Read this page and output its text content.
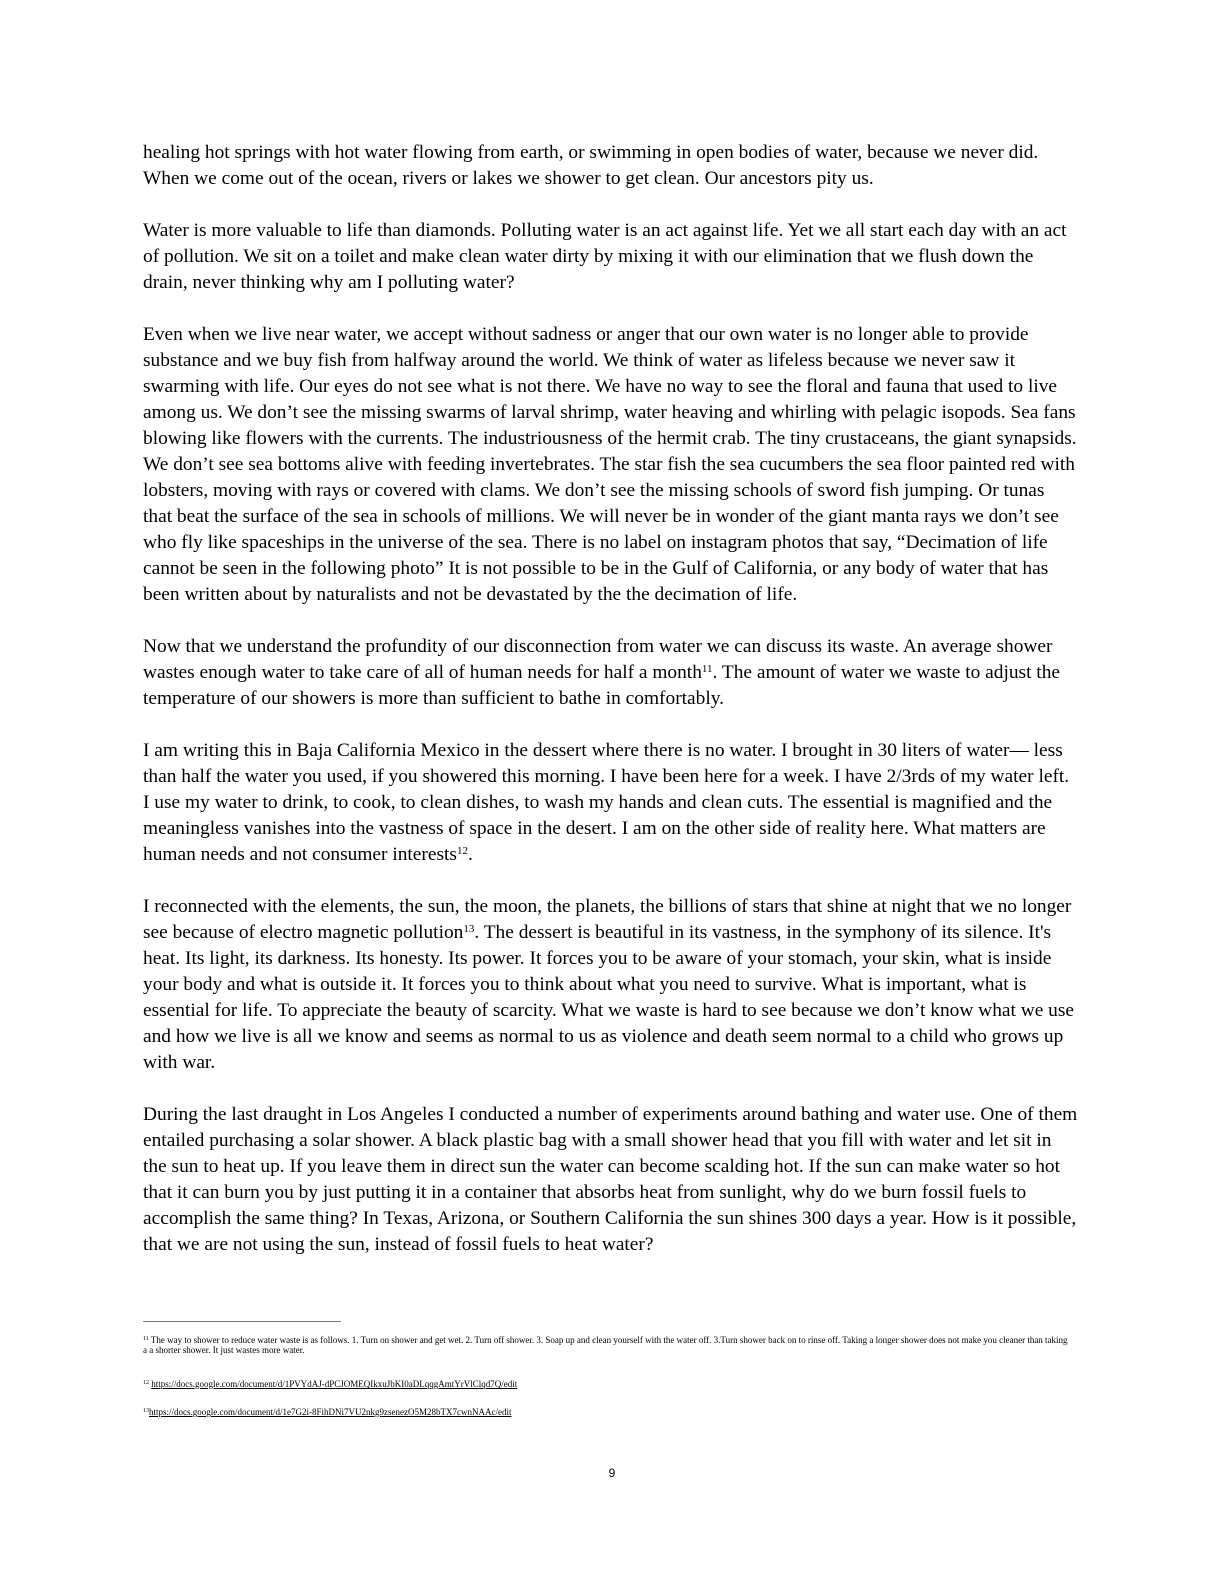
healing hot springs with hot water flowing from earth, or swimming in open bodies of water, because we never did. When we come out of the ocean, rivers or lakes we shower to get clean. Our ancestors pity us.

Water is more valuable to life than diamonds. Polluting water is an act against life. Yet we all start each day with an act of pollution. We sit on a toilet and make clean water dirty by mixing it with our elimination that we flush down the drain, never thinking why am I polluting water?

Even when we live near water, we accept without sadness or anger that our own water is no longer able to provide substance and we buy fish from halfway around the world. We think of water as lifeless because we never saw it swarming with life. Our eyes do not see what is not there. We have no way to see the floral and fauna that used to live among us. We don’t see the missing swarms of larval shrimp, water heaving and whirling with pelagic isopods. Sea fans blowing like flowers with the currents. The industriousness of the hermit crab. The tiny crustaceans, the giant synapsids. We don’t see sea bottoms alive with feeding invertebrates. The star fish the sea cucumbers the sea floor painted red with lobsters, moving with rays or covered with clams. We don’t see the missing schools of sword fish jumping. Or tunas that beat the surface of the sea in schools of millions. We will never be in wonder of the giant manta rays we don’t see who fly like spaceships in the universe of the sea. There is no label on instagram photos that say, “Decimation of life cannot be seen in the following photo” It is not possible to be in the Gulf of California, or any body of water that has been written about by naturalists and not be devastated by the the decimation of life.

Now that we understand the profundity of our disconnection from water we can discuss its waste. An average shower wastes enough water to take care of all of human needs for half a month$^{11}$. The amount of water we waste to adjust the temperature of our showers is more than sufficient to bathe in comfortably.

I am writing this in Baja California Mexico in the dessert where there is no water. I brought in 30 liters of water— less than half the water you used, if you showered this morning. I have been here for a week. I have 2/3rds of my water left. I use my water to drink, to cook, to clean dishes, to wash my hands and clean cuts. The essential is magnified and the meaningless vanishes into the vastness of space in the desert. I am on the other side of reality here. What matters are human needs and not consumer interests$^{12}$.

I reconnected with the elements, the sun, the moon, the planets, the billions of stars that shine at night that we no longer see because of electro magnetic pollution$^{13}$. The dessert is beautiful in its vastness, in the symphony of its silence. It's heat. Its light, its darkness. Its honesty. Its power. It forces you to be aware of your stomach, your skin, what is inside your body and what is outside it. It forces you to think about what you need to survive. What is important, what is essential for life. To appreciate the beauty of scarcity. What we waste is hard to see because we don’t know what we use and how we live is all we know and seems as normal to us as violence and death seem normal to a child who grows up with war.

During the last draught in Los Angeles I conducted a number of experiments around bathing and water use. One of them entailed purchasing a solar shower. A black plastic bag with a small shower head that you fill with water and let sit in the sun to heat up. If you leave them in direct sun the water can become scalding hot. If the sun can make water so hot that it can burn you by just putting it in a container that absorbs heat from sunlight, why do we burn fossil fuels to accomplish the same thing? In Texas, Arizona, or Southern California the sun shines 300 days a year. How is it possible, that we are not using the sun, instead of fossil fuels to heat water?

$^{11}$ The way to shower to reduce water waste is as follows. 1. Turn on shower and get wet. 2. Turn off shower. 3. Soap up and clean yourself with the water off. 3.Turn shower back on to rinse off. Taking a longer shower does not make you cleaner than taking a a shorter shower. It just wastes more water.

$^{12}$ https://docs.google.com/document/d/1PVYdAJ-dPCJOMEQIkxuJbKI0aDLqqgAmtYrVlClqd7Q/edit

$^{13}$https://docs.google.com/document/d/1e7G2i-8FihDNi7VU2nkg9zsenezO5M28bTX7cwnNAAc/edit

9
